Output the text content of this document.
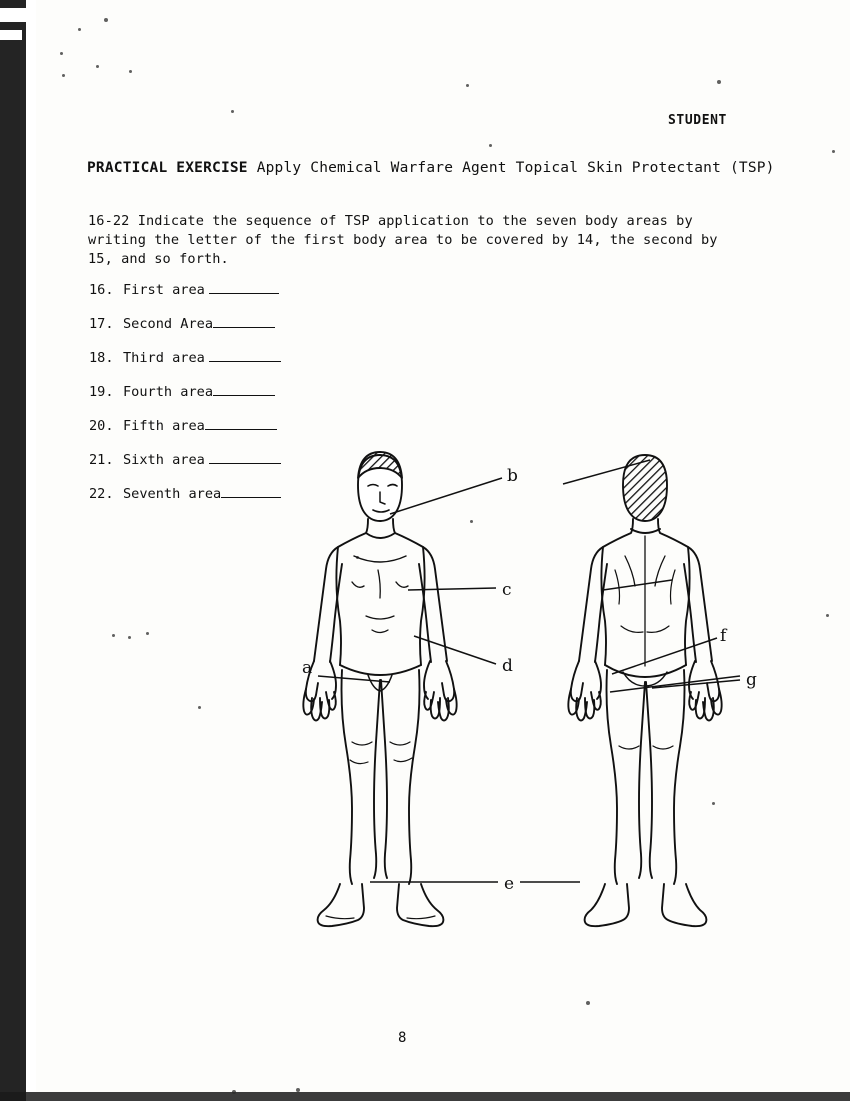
STUDENT
PRACTICAL EXERCISE Apply Chemical Warfare Agent Topical Skin Protectant (TSP)
16-22 Indicate the sequence of TSP application to the seven body areas by writing the letter of the first body area to be covered by 14, the second by 15, and so forth.
16. First area
17. Second Area
18. Third area
19. Fourth area
20. Fifth area
21. Sixth area
22. Seventh area
a
b
c
d
e
f
g
8
